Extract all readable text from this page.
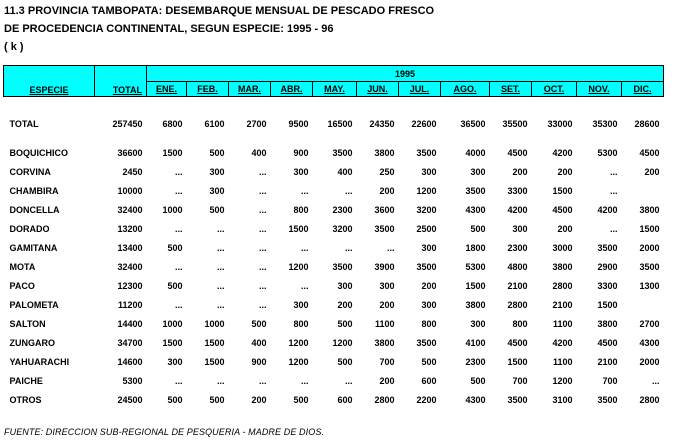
11.3 PROVINCIA TAMBOPATA: DESEMBARQUE MENSUAL DE PESCADO FRESCO
DE PROCEDENCIA CONTINENTAL, SEGUN ESPECIE: 1995 - 96
( k )
ESPECIE	TOTAL	1995											
		ENE.	FEB.	MAR.	ABR.	MAY.	JUN.	JUL.	AGO.	SET.	OCT.	NOV.	DIC.

TOTAL	257450	6800	6100	2700	9500	16500	24350	22600	36500	35500	33000	35300	28600

BOQUICHICO	36600	1500	500	400	900	3500	3800	3500	4000	4500	4200	5300	4500
CORVINA	2450	...	300	...	300	400	250	300	300	200	200	...	200
CHAMBIRA	10000	...	300	...	...	...	200	1200	3500	3300	1500	...	
DONCELLA	32400	1000	500	...	800	2300	3600	3200	4300	4200	4500	4200	3800
DORADO	13200	...	...	...	1500	3200	3500	2500	500	300	200	...	1500
GAMITANA	13400	500	...	...	...	...	...	300	1800	2300	3000	3500	2000
MOTA	32400	...	...	...	1200	3500	3900	3500	5300	4800	3800	2900	3500
PACO	12300	500	...	...	...	300	300	200	1500	2100	2800	3300	1300
PALOMETA	11200	...	...	...	300	200	200	300	3800	2800	2100	1500	
SALTON	14400	1000	1000	500	800	500	1100	800	300	800	1100	3800	2700
ZUNGARO	34700	1500	1500	400	1200	1200	3800	3500	4100	4500	4200	4500	4300
YAHUARACHI	14600	300	1500	900	1200	500	700	500	2300	1500	1100	2100	2000
PAICHE	5300	...	...	...	...	...	200	600	500	700	1200	700	...
OTROS	24500	500	500	200	500	600	2800	2200	4300	3500	3100	3500	2800
FUENTE: DIRECCION SUB-REGIONAL DE PESQUERIA - MADRE DE DIOS.
